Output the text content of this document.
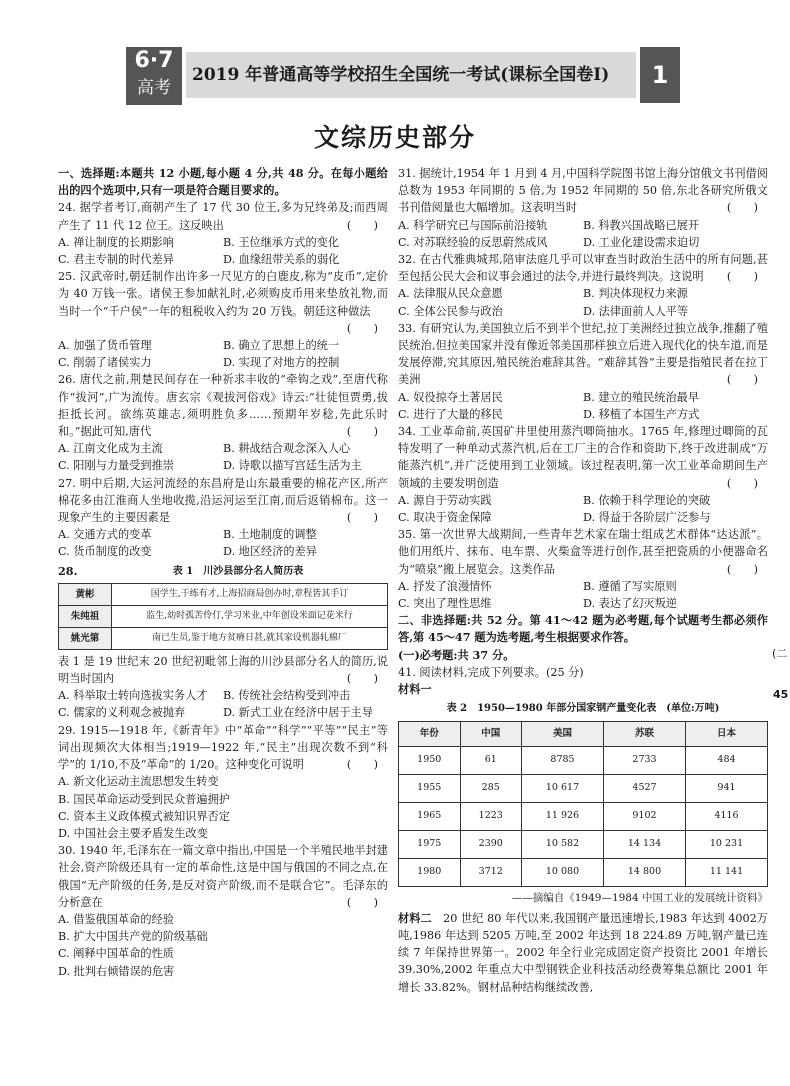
6·7
高考
2019 年普通高等学校招生全国统一考试(课标全国卷Ⅰ)	1
文综历史部分

一、选择题:本题共 12 小题,每小题 4 分,共 48 分。在每小题给出的四个选项中,只有一项是符合题目要求的。

24. 据学者考订,商朝产生了 17 代 30 位王,多为兄终弟及;而西周产生了 11 代 12 位王。这反映出	(　　)

A. 禅让制度的长期影响	B. 王位继承方式的变化
C. 君主专制的时代差异	D. 血缘纽带关系的弱化

25. 汉武帝时,朝廷制作出许多一尺见方的白鹿皮,称为“皮币”,定价为 40 万钱一张。诸侯王参加献礼时,必须购皮币用来垫放礼物,而当时一个“千户侯”一年的租税收入约为 20 万钱。朝廷这种做法

(　　)

A. 加强了货币管理	B. 确立了思想上的统一
C. 削弱了诸侯实力	D. 实现了对地方的控制

26. 唐代之前,荆楚民间存在一种祈求丰收的“牵钩之戏”,至唐代称作“拔河”,广为流传。唐玄宗《观拔河俗戏》诗云:“壮徒恒贾勇,拔拒抵长河。欲练英雄志,须明胜负多……预期年岁稔,先此乐时和。”据此可知,唐代	(　　)

A. 江南文化成为主流	B. 耕战结合观念深入人心
C. 阳刚与力量受到推崇	D. 诗歌以描写宫廷生活为主

27. 明中后期,大运河流经的东昌府是山东最重要的棉花产区,所产棉花多由江淮商人坐地收揽,沿运河运至江南,而后返销棉布。这一现象产生的主要因素是	(　　)

A. 交通方式的变革	B. 土地制度的调整
C. 货币制度的改变	D. 地区经济的差异
28.	表 1　川沙县部分名人简历表
黄彬	国学生,干练有才,上海招商局创办时,章程皆其手订
朱纯祖	监生,幼时孤苦伶仃,学习米业,中年创设米面记花米行
姚光第	南已生员,鉴于地方贫瘠日甚,就其家设机器轧棉厂

表 1 是 19 世纪末 20 世纪初毗邻上海的川沙县部分名人的简历,说明当时国内	(　　)

A. 科举取士转向选拔实务人才	B. 传统社会结构受到冲击
C. 儒家的义利观念被抛弃	D. 新式工业在经济中居于主导

29. 1915—1918 年,《新青年》中“革命”“科学”“平等”“民主”等词出现频次大体相当;1919—1922 年,“民主”出现次数不到“科学”的 1/10,不及“革命”的 1/20。这种变化可说明	(　　)

A. 新文化运动主流思想发生转变
B. 国民革命运动受到民众普遍拥护
C. 资本主义政体模式被知识界否定
D. 中国社会主要矛盾发生改变

30. 1940 年,毛泽东在一篇文章中指出,中国是一个半殖民地半封建社会,资产阶级还具有一定的革命性,这是中国与俄国的不同之点,在俄国“无产阶级的任务,是反对资产阶级,而不是联合它”。毛泽东的分析意在	(　　)

A. 借鉴俄国革命的经验
B. 扩大中国共产党的阶级基础
C. 阐释中国革命的性质
D. 批判右倾错误的危害

31. 据统计,1954 年 1 月到 4 月,中国科学院图书馆上海分馆俄文书刊借阅总数为 1953 年同期的 5 倍,为 1952 年同期的 50 倍,东北各研究所俄文书刊借阅量也大幅增加。这表明当时	(　　)

A. 科学研究已与国际前沿接轨	B. 科教兴国战略已展开
C. 对苏联经验的反思蔚然成风	D. 工业化建设需求迫切

32. 在古代雅典城邦,陪审法庭几乎可以审查当时政治生活中的所有问题,甚至包括公民大会和议事会通过的法令,并进行最终判决。这说明 (　　)

A. 法律服从民众意愿	B. 判决体现权力来源
C. 全体公民参与政治	D. 法律面前人人平等

33. 有研究认为,美国独立后不到半个世纪,拉丁美洲经过独立战争,推翻了殖民统治,但拉美国家并没有像近邻美国那样独立后进入现代化的快车道,而是发展停滞,究其原因,殖民统治难辞其咎。“难辞其咎”主要是指殖民者在拉丁美洲	(　　)

A. 奴役掠夺土著居民	B. 建立的殖民统治最早
C. 进行了大量的移民	D. 移植了本国生产方式

34. 工业革命前,英国矿井里使用蒸汽唧筒抽水。1765 年,修理过唧筒的瓦特发明了一种单动式蒸汽机,后在工厂主的合作和资助下,终于改进制成“万能蒸汽机”,并广泛使用到工业领域。该过程表明,第一次工业革命期间生产领域的主要发明创造	(　　)

A. 源自于劳动实践	B. 依赖于科学理论的突破
C. 取决于资金保障	D. 得益于各阶层广泛参与

35. 第一次世界大战期间,一些青年艺术家在瑞士组成艺术群体“达达派”。他们用纸片、抹布、电车票、火柴盒等进行创作,甚至把瓷质的小便器命名为“喷泉”搬上展览会。这类作品	(　　)

A. 抒发了浪漫情怀	B. 遵循了写实原则
C. 突出了理性思维	D. 表达了幻灭叛逆

二、非选择题:共 52 分。第 41～42 题为必考题,每个试题考生都必须作答,第 45～47 题为选考题,考生根据要求作答。

(一)必考题:共 37 分。

41. 阅读材料,完成下列要求。(25 分)

材料一

表 2　1950—1980 年部分国家钢产量变化表　(单位:万吨)
年份	中国	美国	苏联	日本
1950	61	8785	2733	484
1955	285	10 617	4527	941
1965	1223	11 926	9102	4116
1975	2390	10 582	14 134	10 231
1980	3712	10 080	14 800	11 141
——摘编自《1949—1984 中国工业的发展统计资料》

材料二　 20 世纪 80 年代以来,我国钢产量迅速增长,1983 年达到 4002万吨,1986 年达到 5205 万吨,至 2002 年达到 18 224.89 万吨,钢产量已连续 7 年保持世界第一。2002 年全行业完成固定资产投资比 2001 年增长 39.30%,2002 年重点大中型钢铁企业科技活动经费筹集总额比 2001 年增长 33.82%。钢材品种结构继续改善,

(二
45
